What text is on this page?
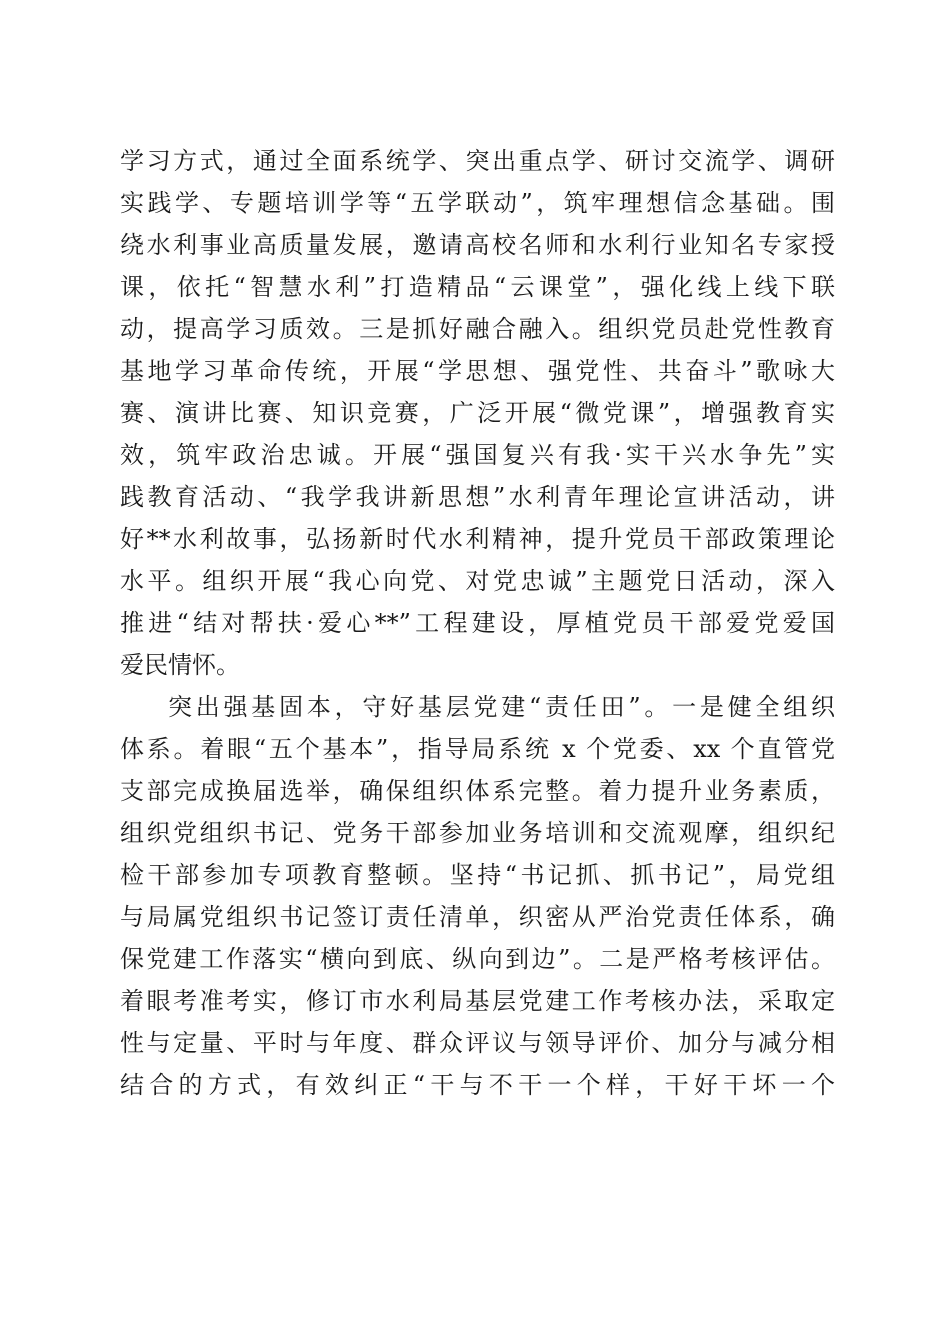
学习方式，通过全面系统学、突出重点学、研讨交流学、调研
实践学、专题培训学等“五学联动”，筑牢理想信念基础。围
绕水利事业高质量发展，邀请高校名师和水利行业知名专家授
课，依托“智慧水利”打造精品“云课堂”，强化线上线下联
动，提高学习质效。三是抓好融合融入。组织党员赴党性教育
基地学习革命传统，开展“学思想、强党性、共奋斗”歌咏大
赛、演讲比赛、知识竞赛，广泛开展“微党课”，增强教育实
效，筑牢政治忠诚。开展“强国复兴有我·实干兴水争先”实
践教育活动、“我学我讲新思想”水利青年理论宣讲活动，讲
好**水利故事，弘扬新时代水利精神，提升党员干部政策理论
水平。组织开展“我心向党、对党忠诚”主题党日活动，深入
推进“结对帮扶·爱心**”工程建设，厚植党员干部爱党爱国
爱民情怀。
突出强基固本，守好基层党建“责任田”。一是健全组织
体系。着眼“五个基本”，指导局系统 x 个党委、xx 个直管党
支部完成换届选举，确保组织体系完整。着力提升业务素质，
组织党组织书记、党务干部参加业务培训和交流观摩，组织纪
检干部参加专项教育整顿。坚持“书记抓、抓书记”，局党组
与局属党组织书记签订责任清单，织密从严治党责任体系，确
保党建工作落实“横向到底、纵向到边”。二是严格考核评估。
着眼考准考实，修订市水利局基层党建工作考核办法，采取定
性与定量、平时与年度、群众评议与领导评价、加分与减分相
结合的方式，有效纠正“干与不干一个样，干好干坏一个
